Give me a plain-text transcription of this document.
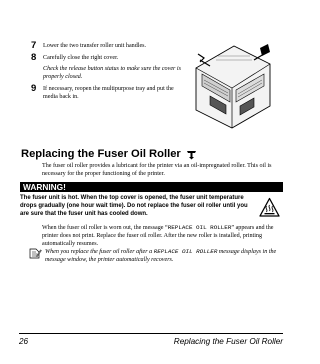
7	Lower the two transfer roller unit handles.
8	Carefully close the right cover.
Check the release button status to make sure the cover is properly closed.
9	If necessary, reopen the multipurpose tray and put the media back in.
Replacing the Fuser Oil Roller
The fuser oil roller provides a lubricant for the printer via an oil-impregnated roller. This oil is necessary for the proper functioning of the printer.
WARNING!
The fuser unit is hot. When the top cover is opened, the fuser unit temperature drops gradually (one hour wait time). Do not replace the fuser oil roller until you are sure that the fuser unit has cooled down.
When the fuser oil roller is worn out, the message “REPLACE OIL ROLLER” appears and the printer does not print. Replace the fuser oil roller. After the new roller is installed, printing automatically resumes.
When you replace the fuser oil roller after a REPLACE OIL ROLLER message displays in the message window, the printer automatically recovers.
26	Replacing the Fuser Oil Roller
